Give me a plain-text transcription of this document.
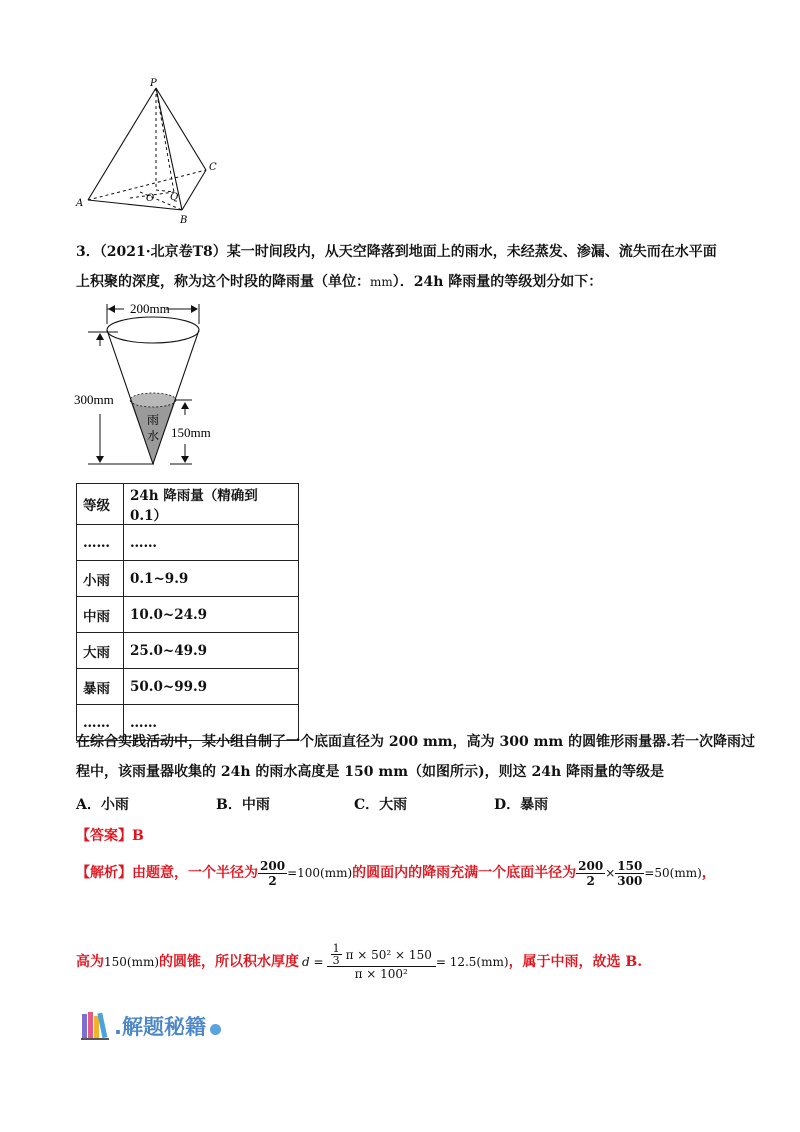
P
A
B
C
O Q
3．（2021·北京卷T8）某一时间段内，从天空降落到地面上的雨水，未经蒸发、渗漏、流失而在水平面
上积聚的深度，称为这个时段的降雨量（单位：mm）．24h 降雨量的等级划分如下：
200mm
300mm
150mm
雨
水
等级	24h 降雨量（精确到 0.1）
……	……
小雨	0.1~9.9
中雨	10.0~24.9
大雨	25.0~49.9
暴雨	50.0~99.9
……	……
在综合实践活动中，某小组自制了一个底面直径为 200 mm，高为 300 mm 的圆锥形雨量器.若一次降雨过
程中，该雨量器收集的 24h 的雨水高度是 150 mm（如图所示)，则这 24h 降雨量的等级是
A．小雨	B．中雨	C．大雨	D．暴雨
【答案】B
【解析】 由题意，一个半径为 $\frac{200}{2} =100(mm)$ 的圆面内的降雨充满一个底面半径为 $\frac{200}{2} \times \frac{150}{300} =50(mm)$ ，
高为 150(mm) 的圆锥，所以积水厚度 $d = \frac{\frac{1}{3} \pi \times 50^2 \times 150}{\text{π × 100²}} = 12.5(mm)$ ，属于中雨，故选 B.
.解题秘籍
